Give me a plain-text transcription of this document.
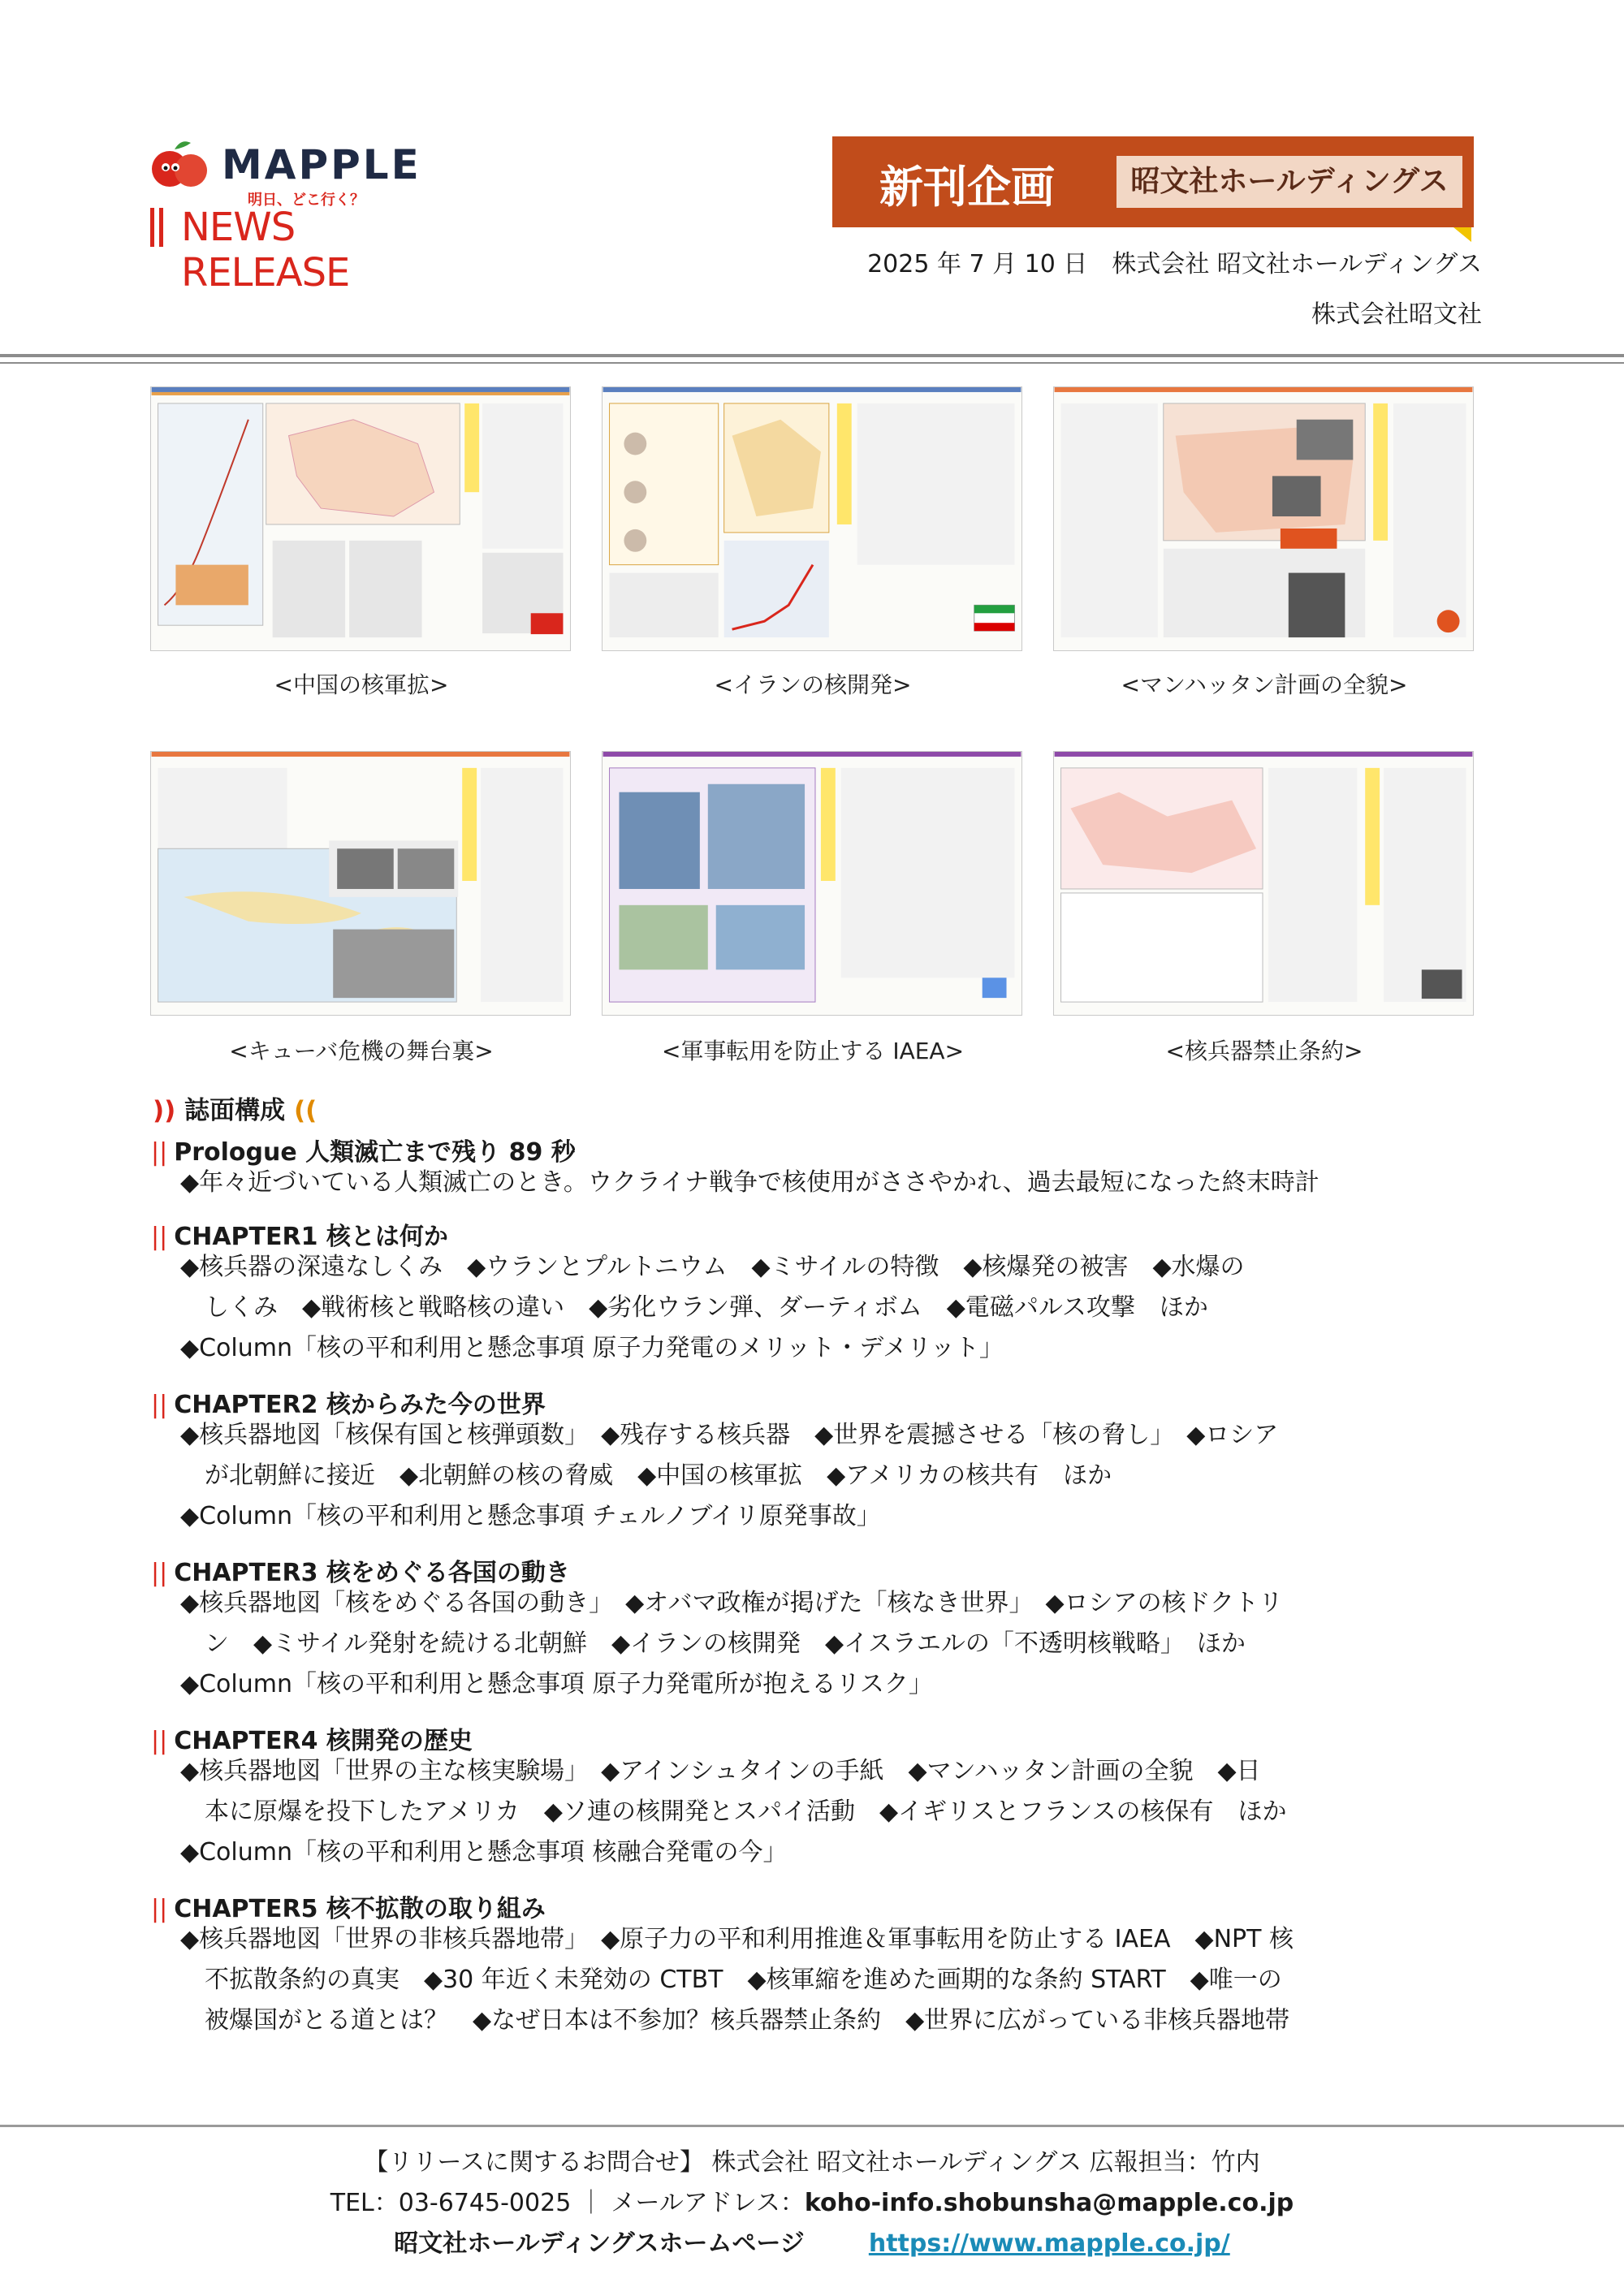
MAPPLE
明日、どこ行く？
NEWS RELEASE
新刊企画	昭文社ホールディングス
2025 年 7 月 10 日　株式会社 昭文社ホールディングス
株式会社昭文社
<中国の核軍拡>	<イランの核開発>	<マンハッタン計画の全貌>
<キューバ危機の舞台裏>	<軍事転用を防止する IAEA>	<核兵器禁止条約>
)) 誌面構成 ((
|| Prologue 人類滅亡まで残り 89 秒
◆年々近づいている人類滅亡のとき。ウクライナ戦争で核使用がささやかれ、過去最短になった終末時計
|| CHAPTER1 核とは何か
◆核兵器の深遠なしくみ　◆ウランとプルトニウム　◆ミサイルの特徴　◆核爆発の被害　◆水爆の
しくみ　◆戦術核と戦略核の違い　◆劣化ウラン弾、ダーティボム　◆電磁パルス攻撃　ほか
◆Column「核の平和利用と懸念事項 原子力発電のメリット・デメリット」
|| CHAPTER2 核からみた今の世界
◆核兵器地図「核保有国と核弾頭数」　◆残存する核兵器　◆世界を震撼させる「核の脅し」　◆ロシア
が北朝鮮に接近　◆北朝鮮の核の脅威　◆中国の核軍拡　◆アメリカの核共有　ほか
◆Column「核の平和利用と懸念事項 チェルノブイリ原発事故」
|| CHAPTER3 核をめぐる各国の動き
◆核兵器地図「核をめぐる各国の動き」　◆オバマ政権が掲げた「核なき世界」　◆ロシアの核ドクトリ
ン　◆ミサイル発射を続ける北朝鮮　◆イランの核開発　◆イスラエルの「不透明核戦略」　ほか
◆Column「核の平和利用と懸念事項 原子力発電所が抱えるリスク」
|| CHAPTER4 核開発の歴史
◆核兵器地図「世界の主な核実験場」　◆アインシュタインの手紙　◆マンハッタン計画の全貌　◆日
本に原爆を投下したアメリカ　◆ソ連の核開発とスパイ活動　◆イギリスとフランスの核保有　ほか
◆Column「核の平和利用と懸念事項 核融合発電の今」
|| CHAPTER5 核不拡散の取り組み
◆核兵器地図「世界の非核兵器地帯」　◆原子力の平和利用推進＆軍事転用を防止する IAEA　◆NPT 核
不拡散条約の真実　◆30 年近く未発効の CTBT　◆核軍縮を進めた画期的な条約 START　◆唯一の
被爆国がとる道とは？　◆なぜ日本は不参加？核兵器禁止条約　◆世界に広がっている非核兵器地帯
【リリースに関するお問合せ】 株式会社 昭文社ホールディングス 広報担当：竹内
TEL：03-6745-0025 ｜ メールアドレス：koho-info.shobunsha@mapple.co.jp
昭文社ホールディングスホームページ	https://www.mapple.co.jp/
